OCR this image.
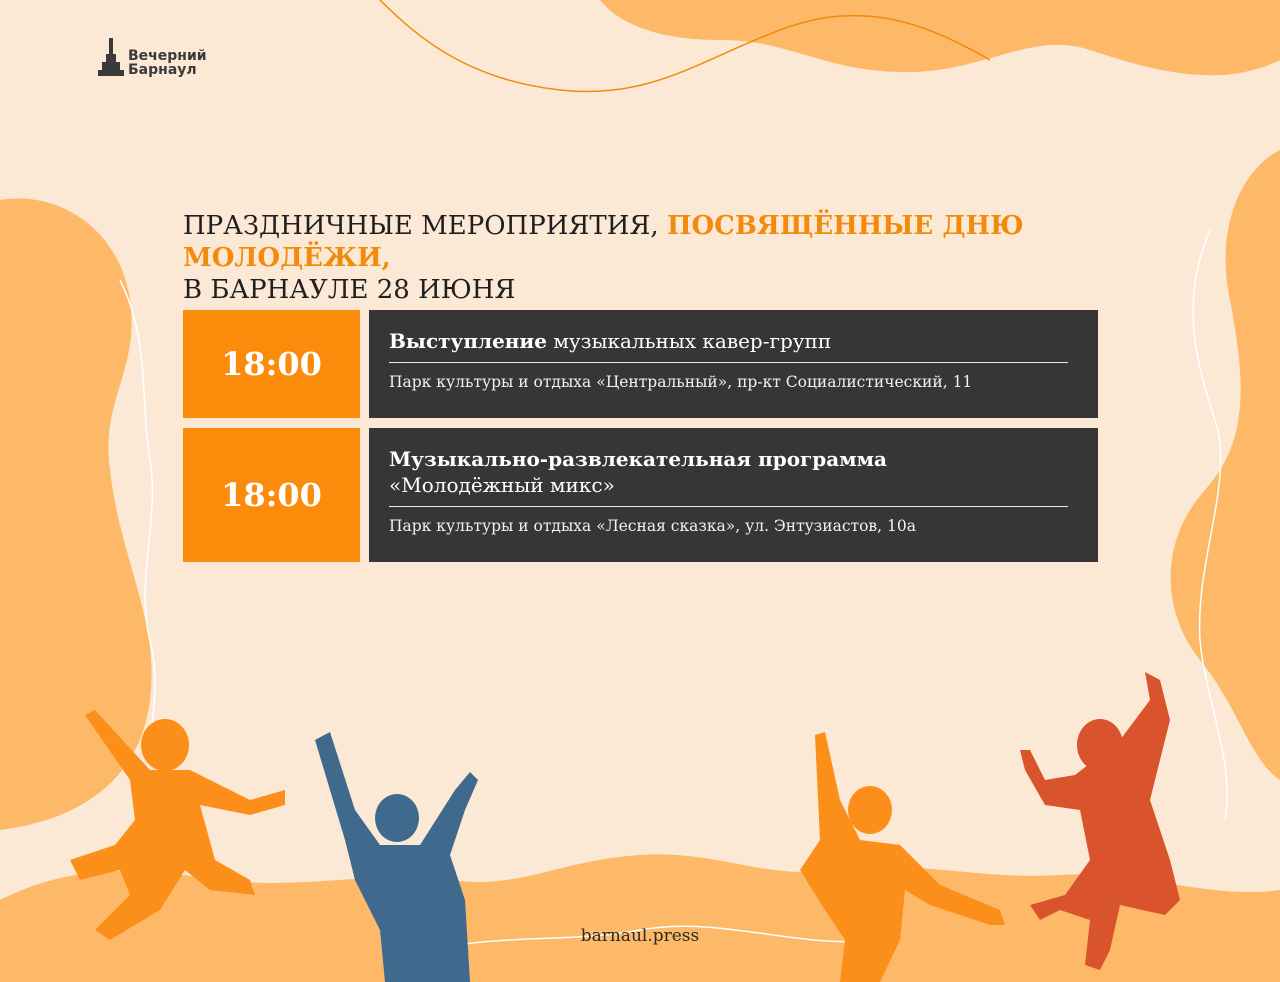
Вечерний
Барнаул
ПРАЗДНИЧНЫЕ МЕРОПРИЯТИЯ, ПОСВЯЩЁННЫЕ ДНЮ МОЛОДЁЖИ,
В БАРНАУЛЕ 28 ИЮНЯ
18:00
Выступление музыкальных кавер-групп
Парк культуры и отдыха «Центральный», пр-кт Социалистический, 11
18:00
Музыкально-развлекательная программа
«Молодёжный микс»
Парк культуры и отдыха «Лесная сказка», ул. Энтузиастов, 10а
barnaul.press
